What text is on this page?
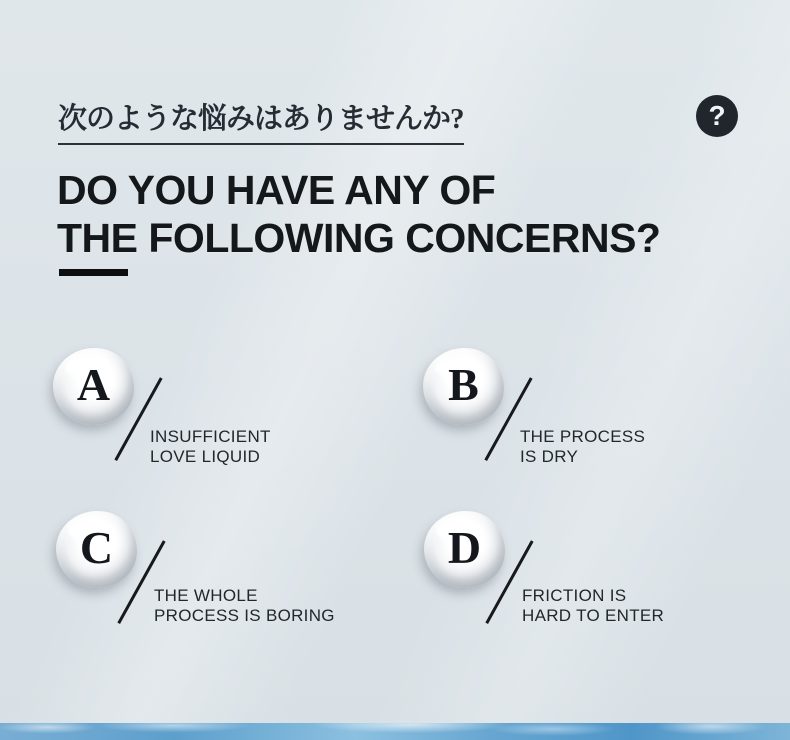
次のような悩みはありませんか?	?
DO YOU HAVE ANY OF
THE FOLLOWING CONCERNS?
A
INSUFFICIENT
LOVE LIQUID
B
THE PROCESS
IS DRY
C
THE WHOLE
PROCESS IS BORING
D
FRICTION IS
HARD TO ENTER
